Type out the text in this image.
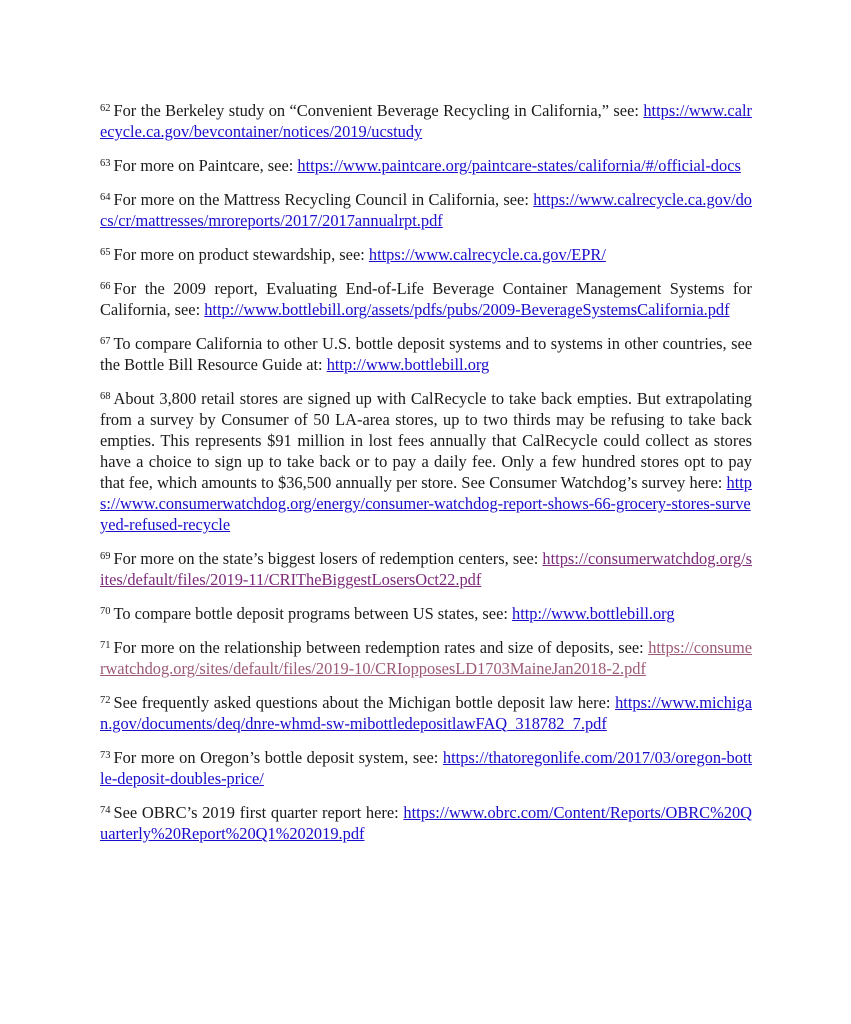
$^{62}$ For the Berkeley study on “Convenient Beverage Recycling in California,” see: https://www.calrecycle.ca.gov/bevcontainer/notices/2019/ucstudy

$^{63}$ For more on Paintcare, see: https://www.paintcare.org/paintcare-states/california/#/official-docs

$^{64}$ For more on the Mattress Recycling Council in California, see: https://www.calrecycle.ca.gov/docs/cr/mattresses/mroreports/2017/2017annualrpt.pdf

$^{65}$ For more on product stewardship, see: https://www.calrecycle.ca.gov/EPR/

$^{66}$ For the 2009 report, Evaluating End-of-Life Beverage Container Management Systems for California, see: http://www.bottlebill.org/assets/pdfs/pubs/2009-BeverageSystemsCalifornia.pdf

$^{67}$ To compare California to other U.S. bottle deposit systems and to systems in other countries, see the Bottle Bill Resource Guide at: http://www.bottlebill.org

$^{68}$ About 3,800 retail stores are signed up with CalRecycle to take back empties. But extrapolating from a survey by Consumer of 50 LA-area stores, up to two thirds may be refusing to take back empties. This represents $91 million in lost fees annually that CalRecycle could collect as stores have a choice to sign up to take back or to pay a daily fee. Only a few hundred stores opt to pay that fee, which amounts to $36,500 annually per store. See Consumer Watchdog’s survey here: https://www.consumerwatchdog.org/energy/consumer-watchdog-report-shows-66-grocery-stores-surveyed-refused-recycle

$^{69}$ For more on the state’s biggest losers of redemption centers, see: https://consumerwatchdog.org/sites/default/files/2019-11/CRITheBiggestLosersOct22.pdf

$^{70}$ To compare bottle deposit programs between US states, see: http://www.bottlebill.org

$^{71}$ For more on the relationship between redemption rates and size of deposits, see: https://consumerwatchdog.org/sites/default/files/2019-10/CRIopposesLD1703MaineJan2018-2.pdf

$^{72}$ See frequently asked questions about the Michigan bottle deposit law here: https://www.michigan.gov/documents/deq/dnre-whmd-sw-mibottledepositlawFAQ_318782_7.pdf

$^{73}$ For more on Oregon’s bottle deposit system, see: https://thatoregonlife.com/2017/03/oregon-bottle-deposit-doubles-price/

$^{74}$ See OBRC’s 2019 first quarter report here: https://www.obrc.com/Content/Reports/OBRC%20Quarterly%20Report%20Q1%202019.pdf
